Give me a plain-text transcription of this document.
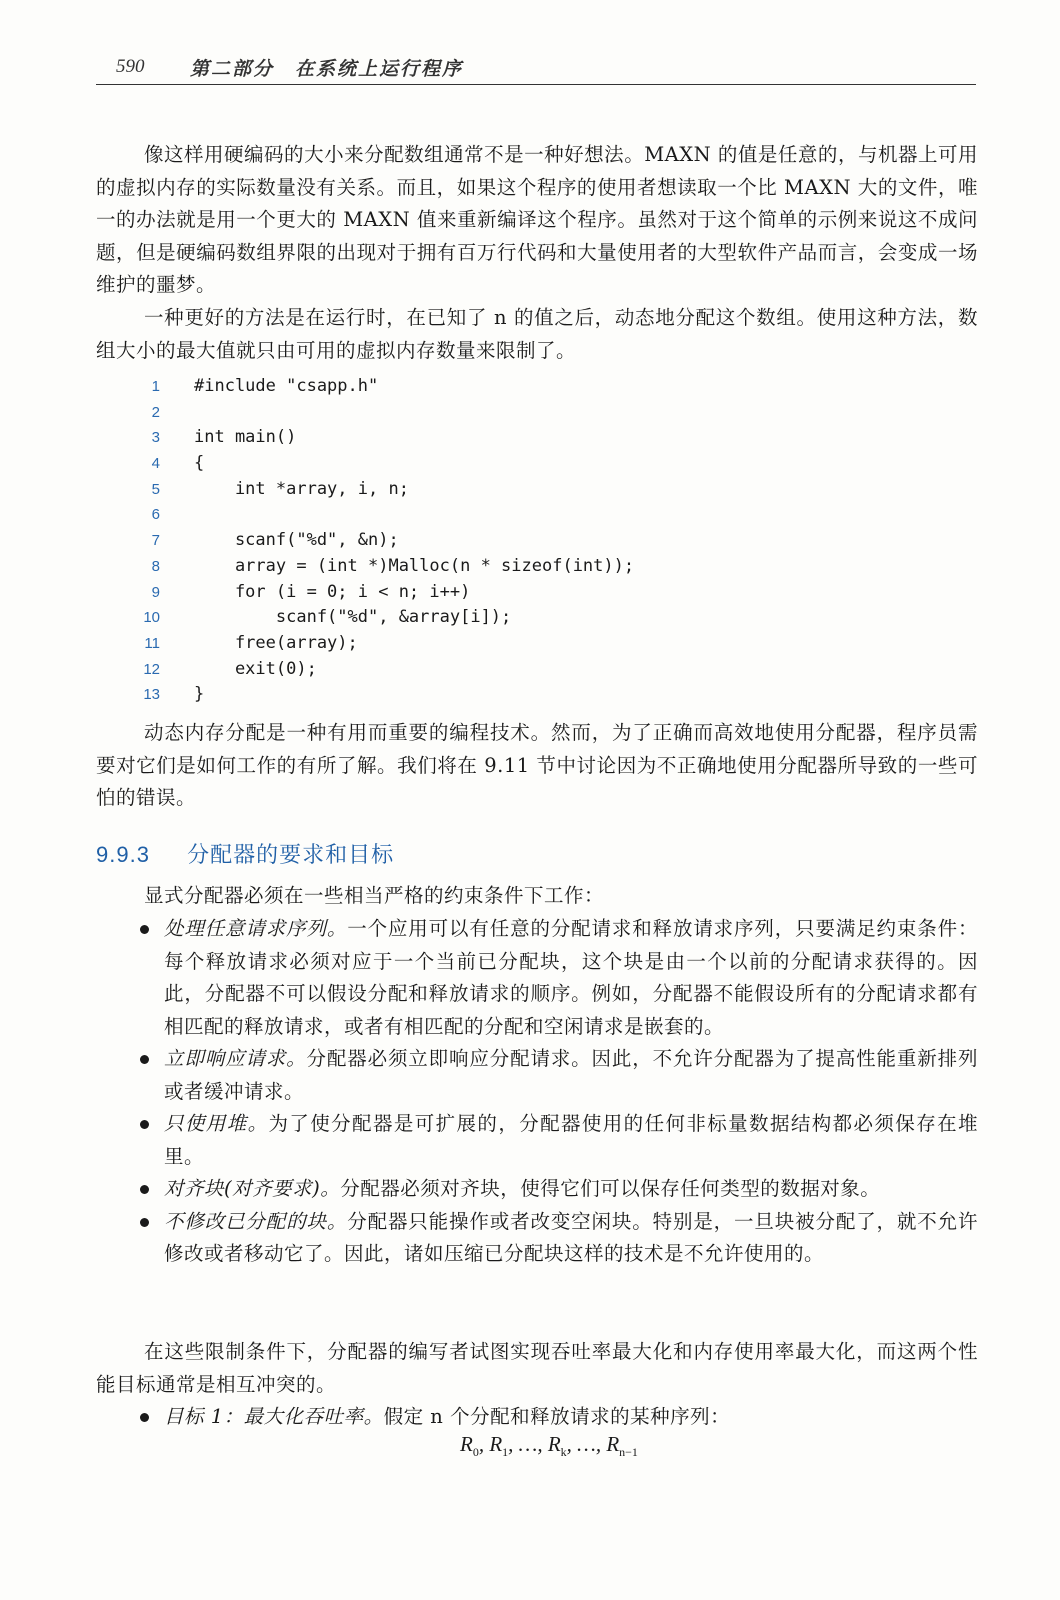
590 第二部分　在系统上运行程序

像这样用硬编码的大小来分配数组通常不是一种好想法。MAXN 的值是任意的，与机器上可用的虚拟内存的实际数量没有关系。而且，如果这个程序的使用者想读取一个比 MAXN 大的文件，唯一的办法就是用一个更大的 MAXN 值来重新编译这个程序。虽然对于这个简单的示例来说这不成问题，但是硬编码数组界限的出现对于拥有百万行代码和大量使用者的大型软件产品而言，会变成一场维护的噩梦。

一种更好的方法是在运行时，在已知了 n 的值之后，动态地分配这个数组。使用这种方法，数组大小的最大值就只由可用的虚拟内存数量来限制了。

1 #include "csapp.h"
2
3 int main()
4 {
5 int *array, i, n;
6
7 scanf("%d", &n);
8 array = (int *)Malloc(n * sizeof(int));
9 for (i = 0; i < n; i++)
10 scanf("%d", &array[i]);
11 free(array);
12 exit(0);
13 }

动态内存分配是一种有用而重要的编程技术。然而，为了正确而高效地使用分配器，程序员需要对它们是如何工作的有所了解。我们将在 9.11 节中讨论因为不正确地使用分配器所导致的一些可怕的错误。

9.9.3 分配器的要求和目标

显式分配器必须在一些相当严格的约束条件下工作：

处理任意请求序列。一个应用可以有任意的分配请求和释放请求序列，只要满足约束条件：每个释放请求必须对应于一个当前已分配块，这个块是由一个以前的分配请求获得的。因此，分配器不可以假设分配和释放请求的顺序。例如，分配器不能假设所有的分配请求都有相匹配的释放请求，或者有相匹配的分配和空闲请求是嵌套的。

立即响应请求。分配器必须立即响应分配请求。因此，不允许分配器为了提高性能重新排列或者缓冲请求。

只使用堆。为了使分配器是可扩展的，分配器使用的任何非标量数据结构都必须保存在堆里。

对齐块(对齐要求)。分配器必须对齐块，使得它们可以保存任何类型的数据对象。

不修改已分配的块。分配器只能操作或者改变空闲块。特别是，一旦块被分配了，就不允许修改或者移动它了。因此，诸如压缩已分配块这样的技术是不允许使用的。

在这些限制条件下，分配器的编写者试图实现吞吐率最大化和内存使用率最大化，而这两个性能目标通常是相互冲突的。

目标 1：最大化吞吐率。假定 n 个分配和释放请求的某种序列：

$R_0$, $R_1$, …, $R_k$, …, $R_{n-1}$
